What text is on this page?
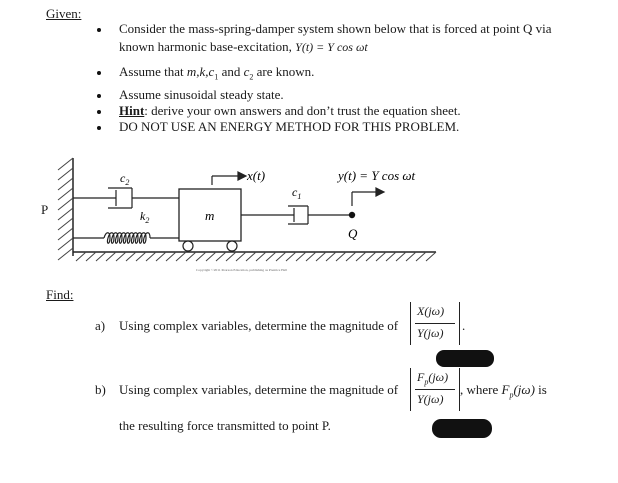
Given:
Consider the mass-spring-damper system shown below that is forced at point Q via
known harmonic base-excitation, Y(t) = Y cos ωt
Assume that $m,k,c_1$ and $c_2$ are known.
Assume sinusoidal steady state.
Hint: derive your own answers and don’t trust the equation sheet.
DO NOT USE AN ENERGY METHOD FOR THIS PROBLEM.
$c_2$
$k_2$	m
x(t)
$c_1$
Q
y(t) = Y cos ωt
Copyright ©2011 Pearson Education, publishing as Prentice Hall
P
Find:
a) Using complex variables, determine the magnitude of
X(jω)
Y(jω) .
b) Using complex variables, determine the magnitude of
$F_p(j\omega)$
Y(jω)
, where $F_p(j\omega)$ is
the resulting force transmitted to point P.
